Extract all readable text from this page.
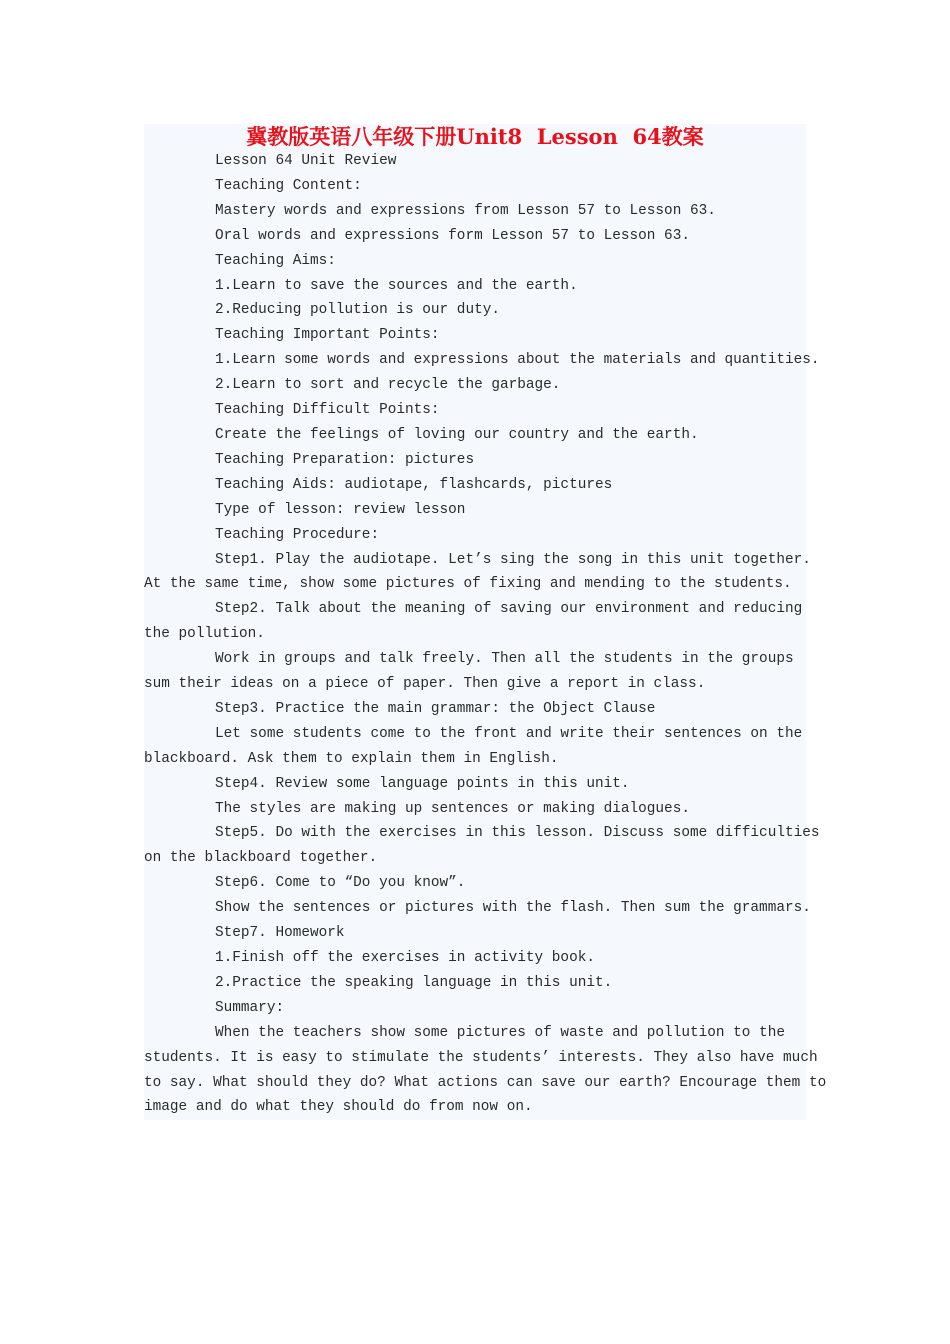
冀教版英语八年级下册Unit8  Lesson  64教案

Lesson 64 Unit Review

Teaching Content:

Mastery words and expressions from Lesson 57 to Lesson 63.

Oral words and expressions form Lesson 57 to Lesson 63.

Teaching Aims:

1.Learn to save the sources and the earth.

2.Reducing pollution is our duty.

Teaching Important Points:

1.Learn some words and expressions about the materials and quantities.

2.Learn to sort and recycle the garbage.

Teaching Difficult Points:

Create the feelings of loving our country and the earth.

Teaching Preparation: pictures

Teaching Aids: audiotape, flashcards, pictures

Type of lesson: review lesson

Teaching Procedure:

Step1. Play the audiotape. Let’s sing the song in this unit together.

At the same time, show some pictures of fixing and mending to the students.

Step2. Talk about the meaning of saving our environment and reducing

the pollution.

Work in groups and talk freely. Then all the students in the groups

sum their ideas on a piece of paper. Then give a report in class.

Step3. Practice the main grammar: the Object Clause

Let some students come to the front and write their sentences on the

blackboard. Ask them to explain them in English.

Step4. Review some language points in this unit.

The styles are making up sentences or making dialogues.

Step5. Do with the exercises in this lesson. Discuss some difficulties

on the blackboard together.

Step6. Come to “Do you know”.

Show the sentences or pictures with the flash. Then sum the grammars.

Step7. Homework

1.Finish off the exercises in activity book.

2.Practice the speaking language in this unit.

Summary:

When the teachers show some pictures of waste and pollution to the

students. It is easy to stimulate the students’ interests. They also have much

to say. What should they do? What actions can save our earth? Encourage them to

image and do what they should do from now on.
